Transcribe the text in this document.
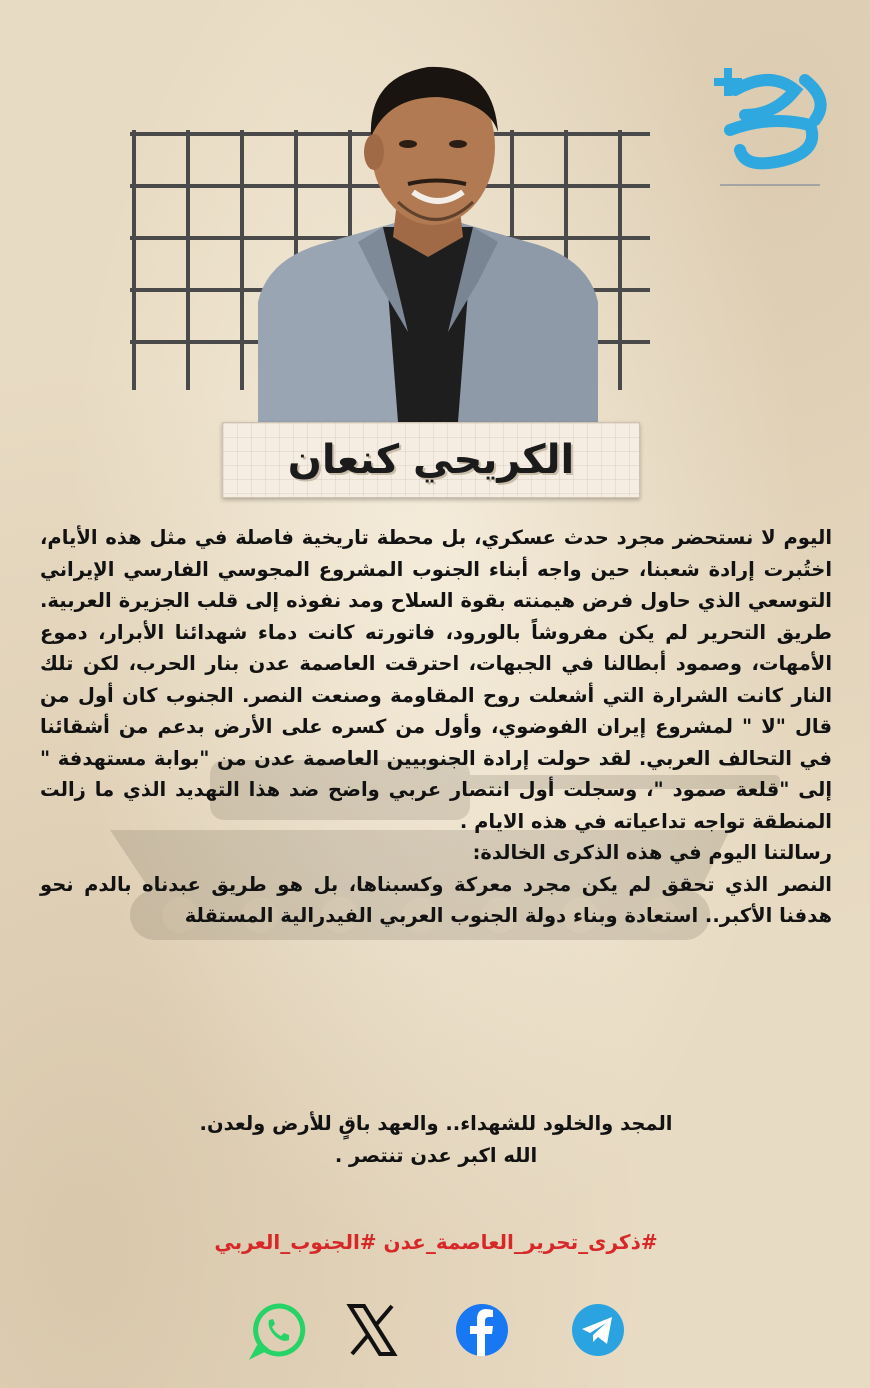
الكريحي كنعان

اليوم لا نستحضر مجرد حدث عسكري، بل محطة تاريخية فاصلة في مثل هذه الأيام، اختُبرت إرادة شعبنا، حين واجه أبناء الجنوب المشروع المجوسي الفارسي الإيراني التوسعي الذي حاول فرض هيمنته بقوة السلاح ومد نفوذه إلى قلب الجزيرة العربية. طريق التحرير لم يكن مفروشاً بالورود، فاتورته كانت دماء شهدائنا الأبرار، دموع الأمهات، وصمود أبطالنا في الجبهات، احترقت العاصمة عدن بنار الحرب، لكن تلك النار كانت الشرارة التي أشعلت روح المقاومة وصنعت النصر. الجنوب كان أول من قال "لا " لمشروع إيران الفوضوي، وأول من كسره على الأرض بدعم من أشقائنا في التحالف العربي. لقد حولت إرادة الجنوبيين العاصمة عدن من "بوابة مستهدفة " إلى "قلعة صمود "، وسجلت أول انتصار عربي واضح ضد هذا التهديد الذي ما زالت المنطقة تواجه تداعياته في هذه الايام .

رسالتنا اليوم في هذه الذكرى الخالدة:

النصر الذي تحقق لم يكن مجرد معركة وكسبناها، بل هو طريق عبدناه بالدم نحو هدفنا الأكبر.. استعادة وبناء دولة الجنوب العربي الفيدرالية المستقلة

المجد والخلود للشهداء.. والعهد باقٍ للأرض ولعدن.

الله اكبر عدن تنتصر .

#ذكرى_تحرير_العاصمة_عدن #الجنوب_العربي
